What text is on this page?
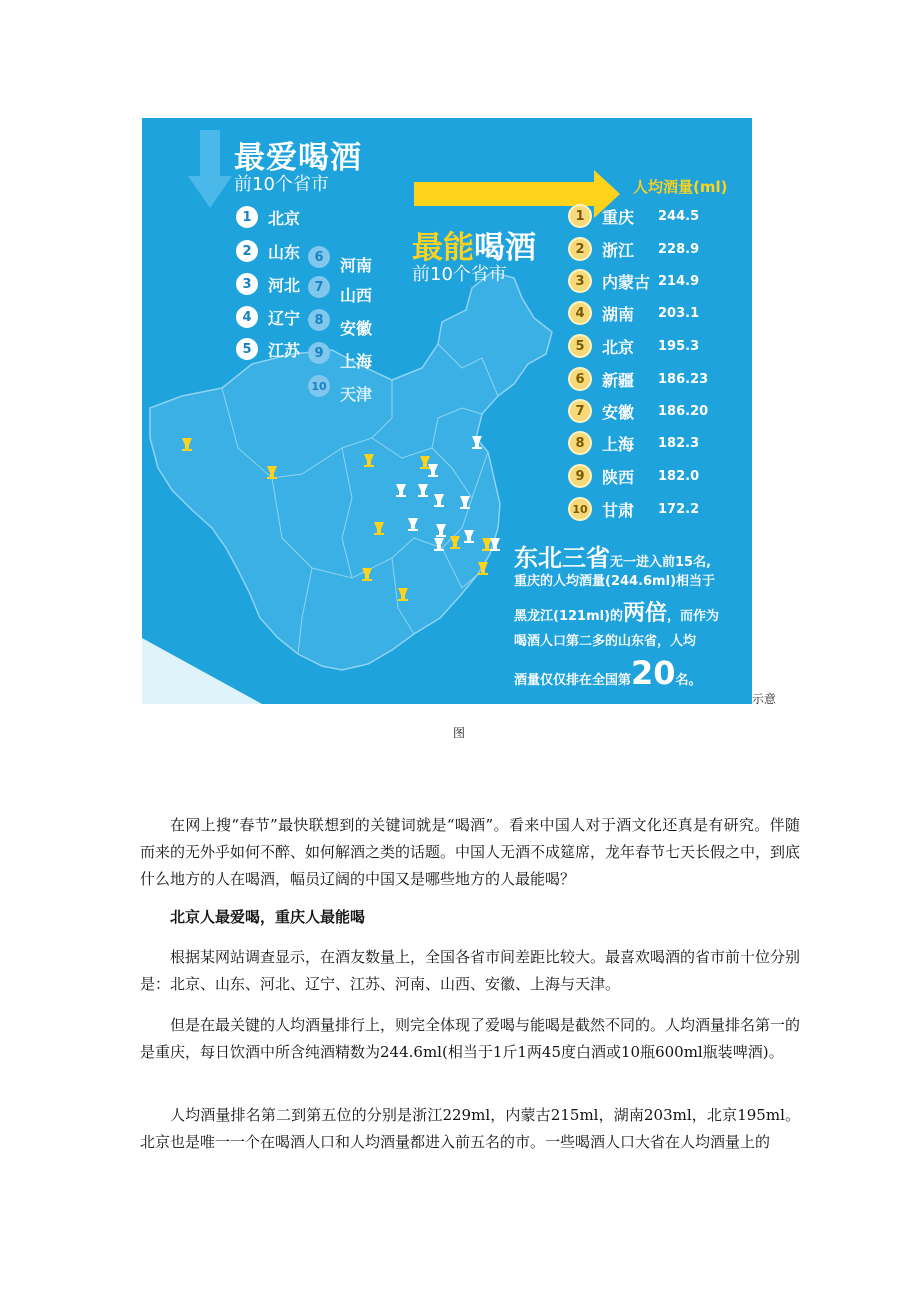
最爱喝酒
前10个省市
1	北京
2	山东
3	河北
4	辽宁
5	江苏
6	河南
7	山西
8	安徽
9	上海
10 天津
最能喝酒
前10个省市
人均酒量(ml)
1	重庆	244.5
2	浙江	228.9
3	内蒙古 214.9
4	湖南	203.1
5	北京	195.3
6	新疆	186.23
7	安徽	186.20
8	上海	182.3
9	陕西	182.0
10 甘肃	172.2
东北三省无一进入前15名,
重庆的人均酒量(244.6ml)相当于
黑龙江(121ml)的两倍，而作为
喝酒人口第二多的山东省，人均
酒量仅仅排在全国第20名。
示意
图

在网上搜“春节”最快联想到的关键词就是“喝酒”。看来中国人对于酒文化还真是有研究。伴随而来的无外乎如何不醉、如何解酒之类的话题。中国人无酒不成筵席，龙年春节七天长假之中，到底什么地方的人在喝酒，幅员辽阔的中国又是哪些地方的人最能喝？

北京人最爱喝，重庆人最能喝

根据某网站调查显示，在酒友数量上，全国各省市间差距比较大。最喜欢喝酒的省市前十位分别是：北京、山东、河北、辽宁、江苏、河南、山西、安徽、上海与天津。

但是在最关键的人均酒量排行上，则完全体现了爱喝与能喝是截然不同的。人均酒量排名第一的是重庆，每日饮酒中所含纯酒精数为244.6ml(相当于1斤1两45度白酒或10瓶600ml瓶装啤酒)。

人均酒量排名第二到第五位的分别是浙江229ml，内蒙古215ml，湖南203ml，北京195ml。北京也是唯一一个在喝酒人口和人均酒量都进入前五名的市。一些喝酒人口大省在人均酒量上的
